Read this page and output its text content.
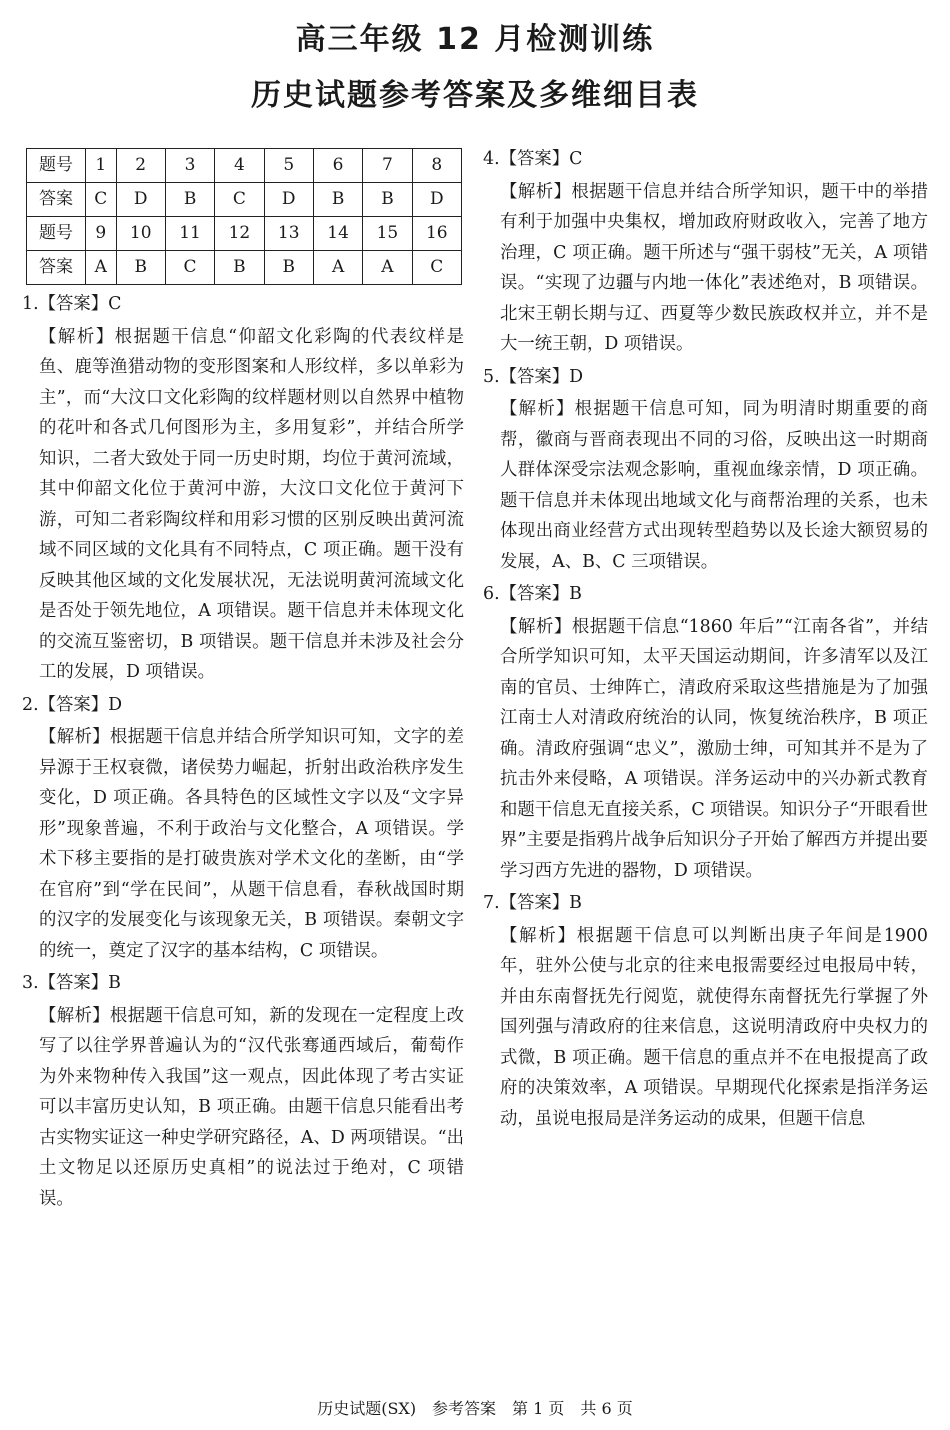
高三年级 12 月检测训练
历史试题参考答案及多维细目表
题号	1	2	3	4	5	6	7	8
答案	C	D	B	C	D	B	B	D
题号	9	10	11	12	13	14	15	16
答案	A	B	C	B	B	A	A	C
1.【答案】C
【解析】根据题干信息“仰韶文化彩陶的代表纹样是鱼、鹿等渔猎动物的变形图案和人形纹样，多以单彩为主”，而“大汶口文化彩陶的纹样题材则以自然界中植物的花叶和各式几何图形为主，多用复彩”，并结合所学知识，二者大致处于同一历史时期，均位于黄河流域，其中仰韶文化位于黄河中游，大汶口文化位于黄河下游，可知二者彩陶纹样和用彩习惯的区别反映出黄河流域不同区域的文化具有不同特点，C 项正确。题干没有反映其他区域的文化发展状况，无法说明黄河流域文化是否处于领先地位，A 项错误。题干信息并未体现文化的交流互鉴密切，B 项错误。题干信息并未涉及社会分工的发展，D 项错误。
2.【答案】D
【解析】根据题干信息并结合所学知识可知，文字的差异源于王权衰微，诸侯势力崛起，折射出政治秩序发生变化，D 项正确。各具特色的区域性文字以及“文字异形”现象普遍，不利于政治与文化整合，A 项错误。学术下移主要指的是打破贵族对学术文化的垄断，由“学在官府”到“学在民间”，从题干信息看，春秋战国时期的汉字的发展变化与该现象无关，B 项错误。秦朝文字的统一，奠定了汉字的基本结构，C 项错误。
3.【答案】B
【解析】根据题干信息可知，新的发现在一定程度上改写了以往学界普遍认为的“汉代张骞通西域后，葡萄作为外来物种传入我国”这一观点，因此体现了考古实证可以丰富历史认知，B 项正确。由题干信息只能看出考古实物实证这一种史学研究路径，A、D 两项错误。“出土文物足以还原历史真相”的说法过于绝对，C 项错误。
4.【答案】C
【解析】根据题干信息并结合所学知识，题干中的举措有利于加强中央集权，增加政府财政收入，完善了地方治理，C 项正确。题干所述与“强干弱枝”无关，A 项错误。“实现了边疆与内地一体化”表述绝对，B 项错误。北宋王朝长期与辽、西夏等少数民族政权并立，并不是大一统王朝，D 项错误。
5.【答案】D
【解析】根据题干信息可知，同为明清时期重要的商帮，徽商与晋商表现出不同的习俗，反映出这一时期商人群体深受宗法观念影响，重视血缘亲情，D 项正确。题干信息并未体现出地域文化与商帮治理的关系，也未体现出商业经营方式出现转型趋势以及长途大额贸易的发展，A、B、C 三项错误。
6.【答案】B
【解析】根据题干信息“1860 年后”“江南各省”，并结合所学知识可知，太平天国运动期间，许多清军以及江南的官员、士绅阵亡，清政府采取这些措施是为了加强江南士人对清政府统治的认同，恢复统治秩序，B 项正确。清政府强调“忠义”，激励士绅，可知其并不是为了抗击外来侵略，A 项错误。洋务运动中的兴办新式教育和题干信息无直接关系，C 项错误。知识分子“开眼看世界”主要是指鸦片战争后知识分子开始了解西方并提出要学习西方先进的器物，D 项错误。
7.【答案】B
【解析】根据题干信息可以判断出庚子年间是1900 年，驻外公使与北京的往来电报需要经过电报局中转，并由东南督抚先行阅览，就使得东南督抚先行掌握了外国列强与清政府的往来信息，这说明清政府中央权力的式微，B 项正确。题干信息的重点并不在电报提高了政府的决策效率，A 项错误。早期现代化探索是指洋务运动，虽说电报局是洋务运动的成果，但题干信息
历史试题(SX)　参考答案　第 1 页　共 6 页
